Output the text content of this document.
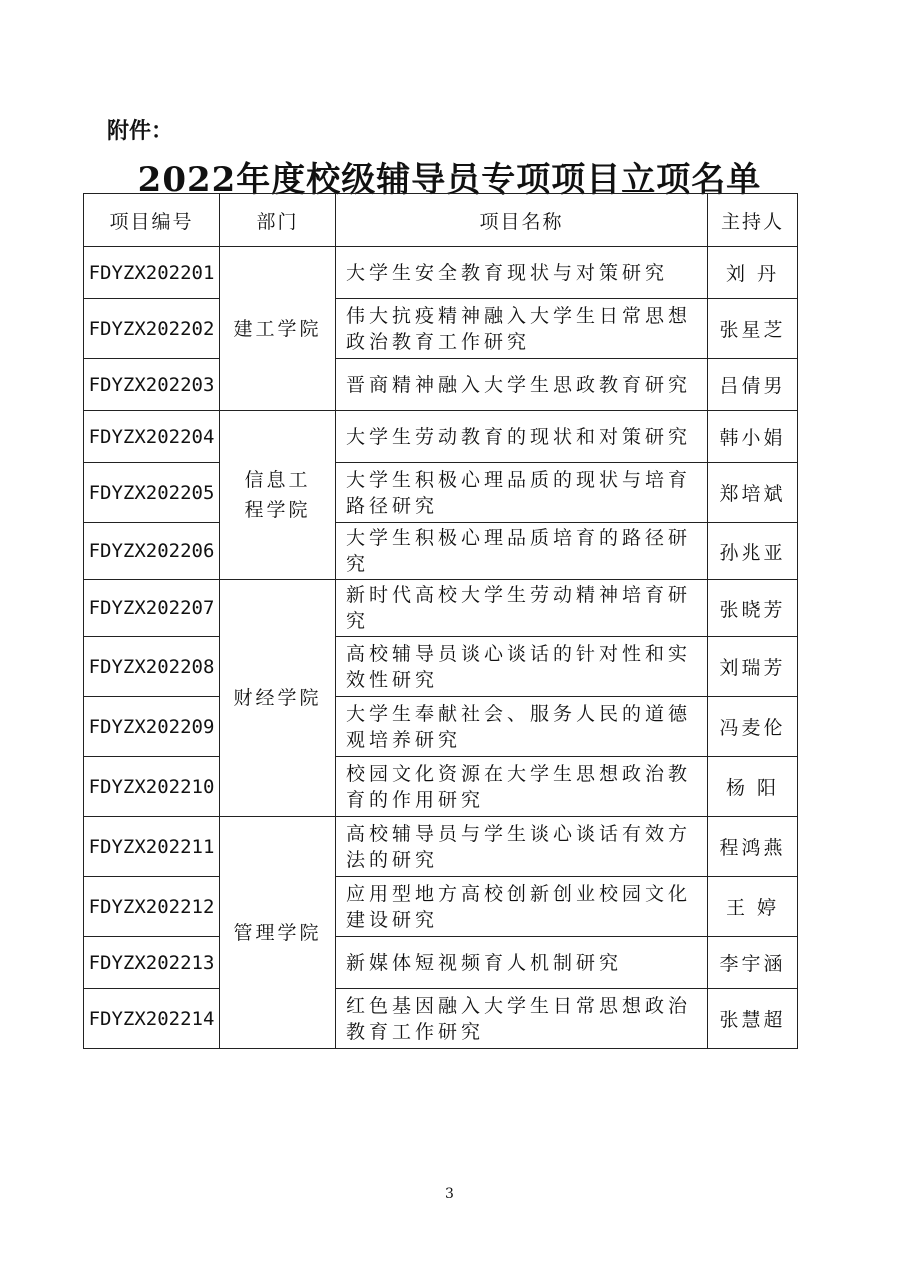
附件：
2022年度校级辅导员专项项目立项名单
项目编号	部门	项目名称	主持人
FDYZX202201	建工学院	大学生安全教育现状与对策研究	刘 丹
FDYZX202202		伟大抗疫精神融入大学生日常思想政治教育工作研究	张星芝
FDYZX202203		晋商精神融入大学生思政教育研究	吕倩男
FDYZX202204	信息工程学院	大学生劳动教育的现状和对策研究	韩小娟
FDYZX202205		大学生积极心理品质的现状与培育路径研究	郑培斌
FDYZX202206		大学生积极心理品质培育的路径研究	孙兆亚
FDYZX202207	财经学院	新时代高校大学生劳动精神培育研究	张晓芳
FDYZX202208		高校辅导员谈心谈话的针对性和实效性研究	刘瑞芳
FDYZX202209		大学生奉献社会、服务人民的道德观培养研究	冯麦伦
FDYZX202210		校园文化资源在大学生思想政治教育的作用研究	杨 阳
FDYZX202211	管理学院	高校辅导员与学生谈心谈话有效方法的研究	程鸿燕
FDYZX202212		应用型地方高校创新创业校园文化建设研究	王 婷
FDYZX202213		新媒体短视频育人机制研究	李宇涵
FDYZX202214		红色基因融入大学生日常思想政治教育工作研究	张慧超
3
